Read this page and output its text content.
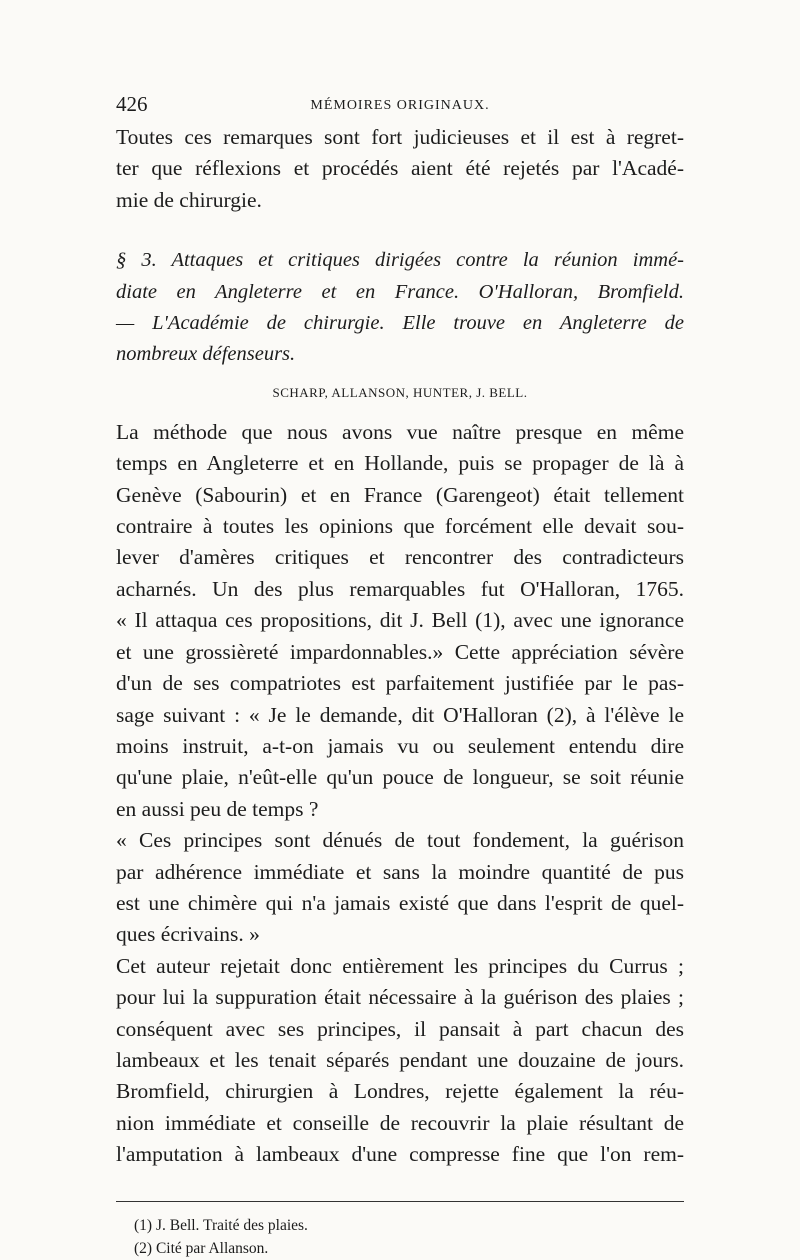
426	MÉMOIRES ORIGINAUX.
Toutes ces remarques sont fort judicieuses et il est à regret-
ter que réflexions et procédés aient été rejetés par l'Acadé-
mie de chirurgie.
§ 3. Attaques et critiques dirigées contre la réunion immé-
diate en Angleterre et en France. O'Halloran, Bromfield.
— L'Académie de chirurgie. Elle trouve en Angleterre de
nombreux défenseurs.
SCHARP, ALLANSON, HUNTER, J. BELL.
La méthode que nous avons vue naître presque en même
temps en Angleterre et en Hollande, puis se propager de là à
Genève (Sabourin) et en France (Garengeot) était tellement
contraire à toutes les opinions que forcément elle devait sou-
lever d'amères critiques et rencontrer des contradicteurs
acharnés. Un des plus remarquables fut O'Halloran, 1765.
« Il attaqua ces propositions, dit J. Bell (1), avec une ignorance
et une grossièreté impardonnables.» Cette appréciation sévère
d'un de ses compatriotes est parfaitement justifiée par le pas-
sage suivant : « Je le demande, dit O'Halloran (2), à l'élève le
moins instruit, a-t-on jamais vu ou seulement entendu dire
qu'une plaie, n'eût-elle qu'un pouce de longueur, se soit réunie
en aussi peu de temps ?
« Ces principes sont dénués de tout fondement, la guérison
par adhérence immédiate et sans la moindre quantité de pus
est une chimère qui n'a jamais existé que dans l'esprit de quel-
ques écrivains. »
Cet auteur rejetait donc entièrement les principes du Currus ;
pour lui la suppuration était nécessaire à la guérison des plaies ;
conséquent avec ses principes, il pansait à part chacun des
lambeaux et les tenait séparés pendant une douzaine de jours.
Bromfield, chirurgien à Londres, rejette également la réu-
nion immédiate et conseille de recouvrir la plaie résultant de
l'amputation à lambeaux d'une compresse fine que l'on rem-
(1) J. Bell. Traité des plaies.
(2) Cité par Allanson.
